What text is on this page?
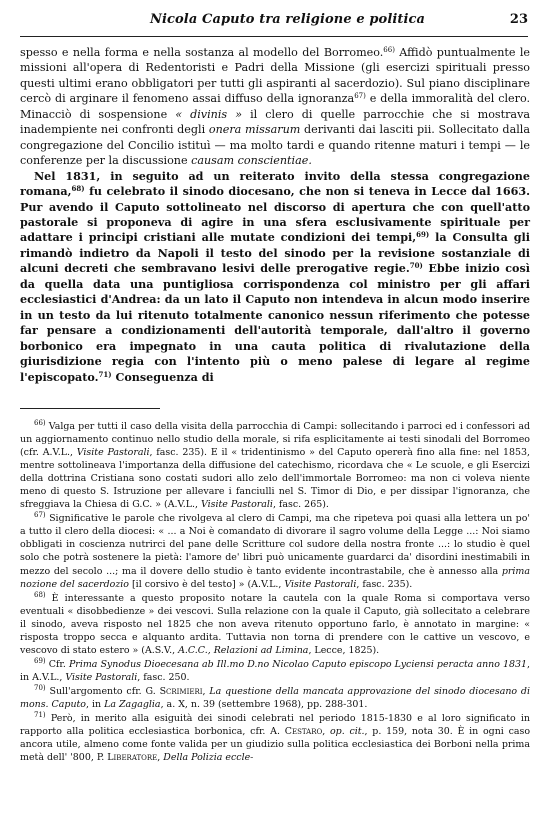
Nicola Caputo tra religione e politica	23

spesso e nella forma e nella sostanza al modello del Borromeo.$^{66)}$ Affidò puntualmente le missioni all'opera di Redentoristi e Padri della Missione (gli esercizi spirituali presso questi ultimi erano obbligatori per tutti gli aspiranti al sacerdozio). Sul piano disciplinare cercò di arginare il fenomeno assai diffuso della ignoranza$^{67)}$ e della immoralità del clero. Minacciò di sospensione « divinis » il clero di quelle parrocchie che si mostrava inadempiente nei confronti degli onera missarum derivanti dai lasciti pii. Sollecitato dalla congregazione del Concilio istituì — ma molto tardi e quando ritenne maturi i tempi — le conferenze per la discussione causam conscientiae.

Nel 1831, in seguito ad un reiterato invito della stessa congregazione romana,$^{68)}$ fu celebrato il sinodo diocesano, che non si teneva in Lecce dal 1663. Pur avendo il Caputo sottolineato nel discorso di apertura che con quell'atto pastorale si proponeva di agire in una sfera esclusivamente spirituale per adattare i principi cristiani alle mutate condizioni dei tempi,$^{69)}$ la Consulta gli rimandò indietro da Napoli il testo del sinodo per la revisione sostanziale di alcuni decreti che sembravano lesivi delle prerogative regie.$^{70)}$ Ebbe inizio così da quella data una puntigliosa corrispondenza col ministro per gli affari ecclesiastici d'Andrea: da un lato il Caputo non intendeva in alcun modo inserire in un testo da lui ritenuto totalmente canonico nessun riferimento che potesse far pensare a condizionamenti dell'autorità temporale, dall'altro il governo borbonico era impegnato in una cauta politica di rivalutazione della giurisdizione regia con l'intento più o meno palese di legare al regime l'episcopato.$^{71)}$ Conseguenza di

$^{66)}$ Valga per tutti il caso della visita della parrocchia di Campi: sollecitando i parroci ed i confessori ad un aggiornamento continuo nello studio della morale, si rifa esplicitamente ai testi sinodali del Borromeo (cfr. A.V.L., Visite Pastorali, fasc. 235). E il « tridentinismo » del Caputo opererà fino alla fine: nel 1853, mentre sottolineava l'importanza della diffusione del catechismo, ricordava che « Le scuole, e gli Esercizi della dottrina Cristiana sono costati sudori allo zelo dell'immortale Borromeo: ma non ci voleva niente meno di questo S. Istruzione per allevare i fanciulli nel S. Timor di Dio, e per dissipar l'ignoranza, che sfreggiava la Chiesa di G.C. » (A.V.L., Visite Pastorali, fasc. 265).

$^{67)}$ Significative le parole che rivolgeva al clero di Campi, ma che ripeteva poi quasi alla lettera un po' a tutto il clero della diocesi: « ... a Noi è comandato di divorare il sagro volume della Legge ...: Noi siamo obbligati in coscienza nutrirci del pane delle Scritture col sudore della nostra fronte ...: lo studio è quel solo che potrà sostenere la pietà: l'amore de' libri può unicamente guardarci da' disordini inestimabili in mezzo del secolo ...; ma il dovere dello studio è tanto evidente incontrastabile, che è annesso alla prima nozione del sacerdozio [il corsivo è del testo] » (A.V.L., Visite Pastorali, fasc. 235).

$^{68)}$ È interessante a questo proposito notare la cautela con la quale Roma si comportava verso eventuali « disobbedienze » dei vescovi. Sulla relazione con la quale il Caputo, già sollecitato a celebrare il sinodo, aveva risposto nel 1825 che non aveva ritenuto opportuno farlo, è annotato in margine: « risposta troppo secca e alquanto ardita. Tuttavia non torna di prendere con le cattive un vescovo, e vescovo di stato estero » (A.S.V., A.C.C., Relazioni ad Limina, Lecce, 1825).

$^{69)}$ Cfr. Prima Synodus Dioecesana ab Ill.mo D.no Nicolao Caputo episcopo Lyciensi peracta anno 1831, in A.V.L., Visite Pastorali, fasc. 250.

$^{70)}$ Sull'argomento cfr. G. Scrimieri, La questione della mancata approvazione del sinodo diocesano di mons. Caputo, in La Zagaglia, a. X, n. 39 (settembre 1968), pp. 288-301.

$^{71)}$ Però, in merito alla esiguità dei sinodi celebrati nel periodo 1815-1830 e al loro significato in rapporto alla politica ecclesiastica borbonica, cfr. A. Cestaro, op. cit., p. 159, nota 30. È in ogni caso ancora utile, almeno come fonte valida per un giudizio sulla politica ecclesiastica dei Borboni nella prima metà dell' '800, P. Liberatore, Della Polizia eccle-
